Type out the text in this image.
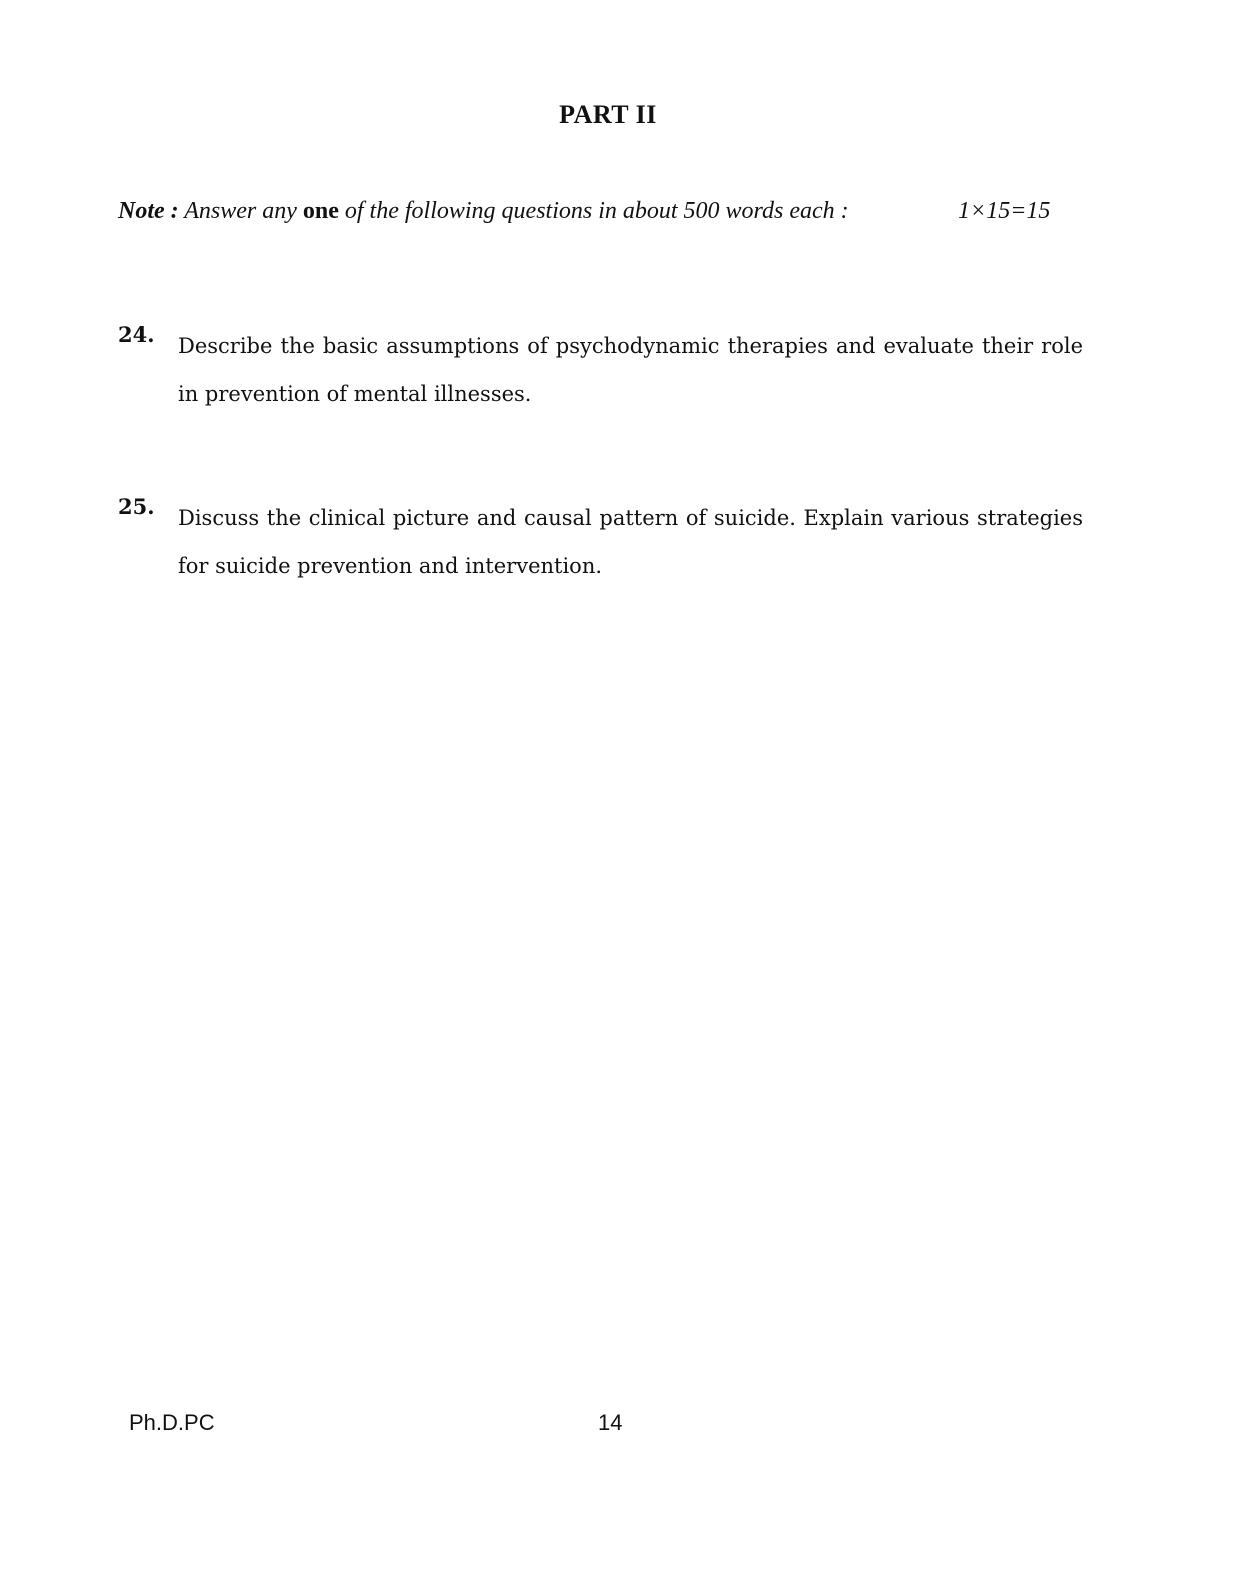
PART II
Note : Answer any one of the following questions in about 500 words each :	1×15=15
24. Describe the basic assumptions of psychodynamic therapies and evaluate their role in prevention of mental illnesses.
25. Discuss the clinical picture and causal pattern of suicide. Explain various strategies for suicide prevention and intervention.
Ph.D.PC	14
